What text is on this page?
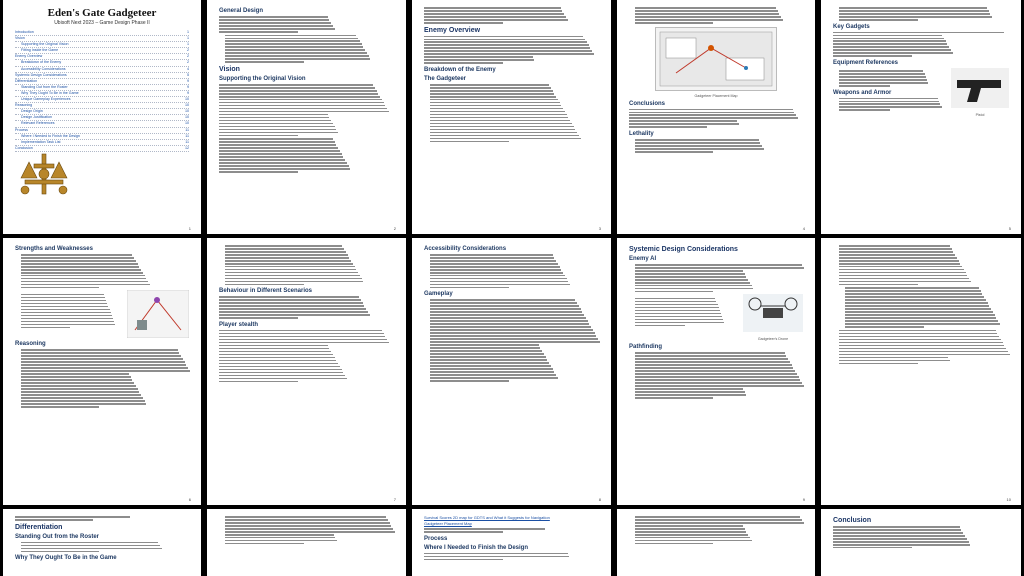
Eden's Gate Gadgeteer
Ubisoft Next 2023 – Game Design Phase II
Introduction	1
Vision	1
Supporting the Original Vision	1
Fitting Inside the Game	2
Enemy Overview	2
Breakdown of the Enemy	2
Accessibility Considerations	4
Systemic Design Considerations	5
Differentiation	9
Standing Out from the Roster	9
Why They Ought To Be in the Game	9
Unique Gameplay Experiences	10
Reasoning	10
Design Origin	10
Design Justification	10
Relevant References	10
Process	11
Where I Needed to Finish the Design	11
Implementation Task List	11
Conclusion	12
1
General Design
Vision
Supporting the Original Vision
2
Enemy Overview
Breakdown of the Enemy
The Gadgeteer
3
Gadgeteer Placement Map
Conclusions
Lethality
4
Key Gadgets
Equipment References
Weapons and Armor
Pistol
5
Strengths and Weaknesses
Reasoning
6
Behaviour in Different Scenarios
Player stealth
7
Accessibility Considerations
Gameplay
8
Systemic Design Considerations
Enemy AI
Gadgeteer's Drone
Pathfinding
9	10
Differentiation
Standing Out from the Roster
Why They Ought To Be in the Game
Survival Scores 2D map for GDTS and What it Suggests for Navigation
Gadgeteer Placement Map
Process
Where I Needed to Finish the Design
Conclusion
